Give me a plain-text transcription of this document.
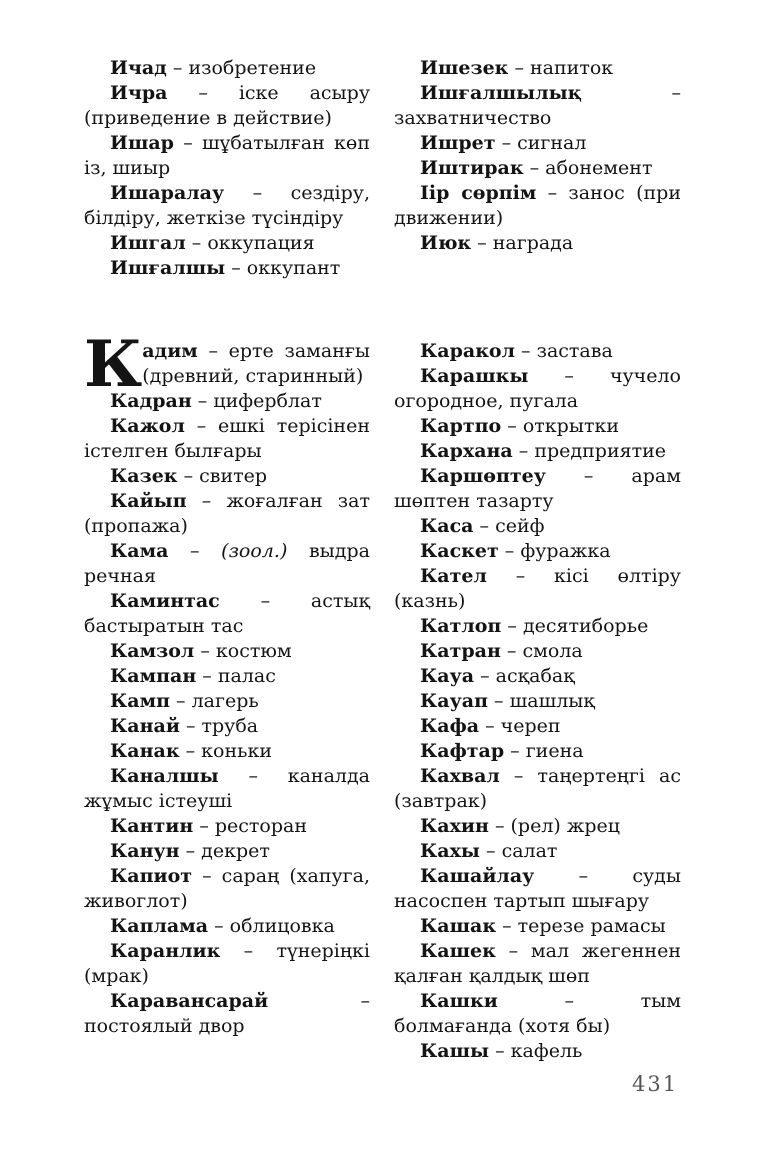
Ичад – изобретение

Ичра – іске асыру (приведение в действие)

Ишар – шұбатылған көп із, шиыр

Ишаралау – сездіру, білдіру, жеткізе түсіндіру

Ишгал – оккупация

Ишғалшы – оккупант

Ишезек – напиток

Ишғалшылық – захватничество

Ишрет – сигнал

Иштирак – абонемент

Іір сөрпім – занос (при движении)

Июк – награда

Кадим – ерте заманғы (древний, старинный)

Кадран – циферблат

Кажол – ешкі терісінен істелген былғары

Казек – свитер

Кайып – жоғалған зат (пропажа)

Кама – (зоол.) выдра речная

Каминтас – астық бастыратын тас

Камзол – костюм

Кампан – палас

Камп – лагерь

Канай – труба

Канак – коньки

Каналшы – каналда жұмыс істеуші

Кантин – ресторан

Канун – декрет

Капиот – сараң (хапуга, живоглот)

Каплама – облицовка

Каранлик – түнеріңкі (мрак)

Каравансарай – постоялый двор

Каракол – застава

Карашкы – чучело огородное, пугала

Картпо – открытки

Кархана – предприятие

Каршөптеу – арам шөптен тазарту

Каса – сейф

Каскет – фуражка

Кател – кісі өлтіру (казнь)

Катлоп – десятиборье

Катран – смола

Кауа – асқабақ

Кауап – шашлық

Кафа – череп

Кафтар – гиена

Кахвал – таңертеңгі ас (завтрак)

Кахин – (рел) жрец

Кахы – салат

Кашайлау – суды насоспен тартып шығару

Кашак – терезе рамасы

Кашек – мал жегеннен қалған қалдық шөп

Кашки – тым болмағанда (хотя бы)

Кашы – кафель

431
